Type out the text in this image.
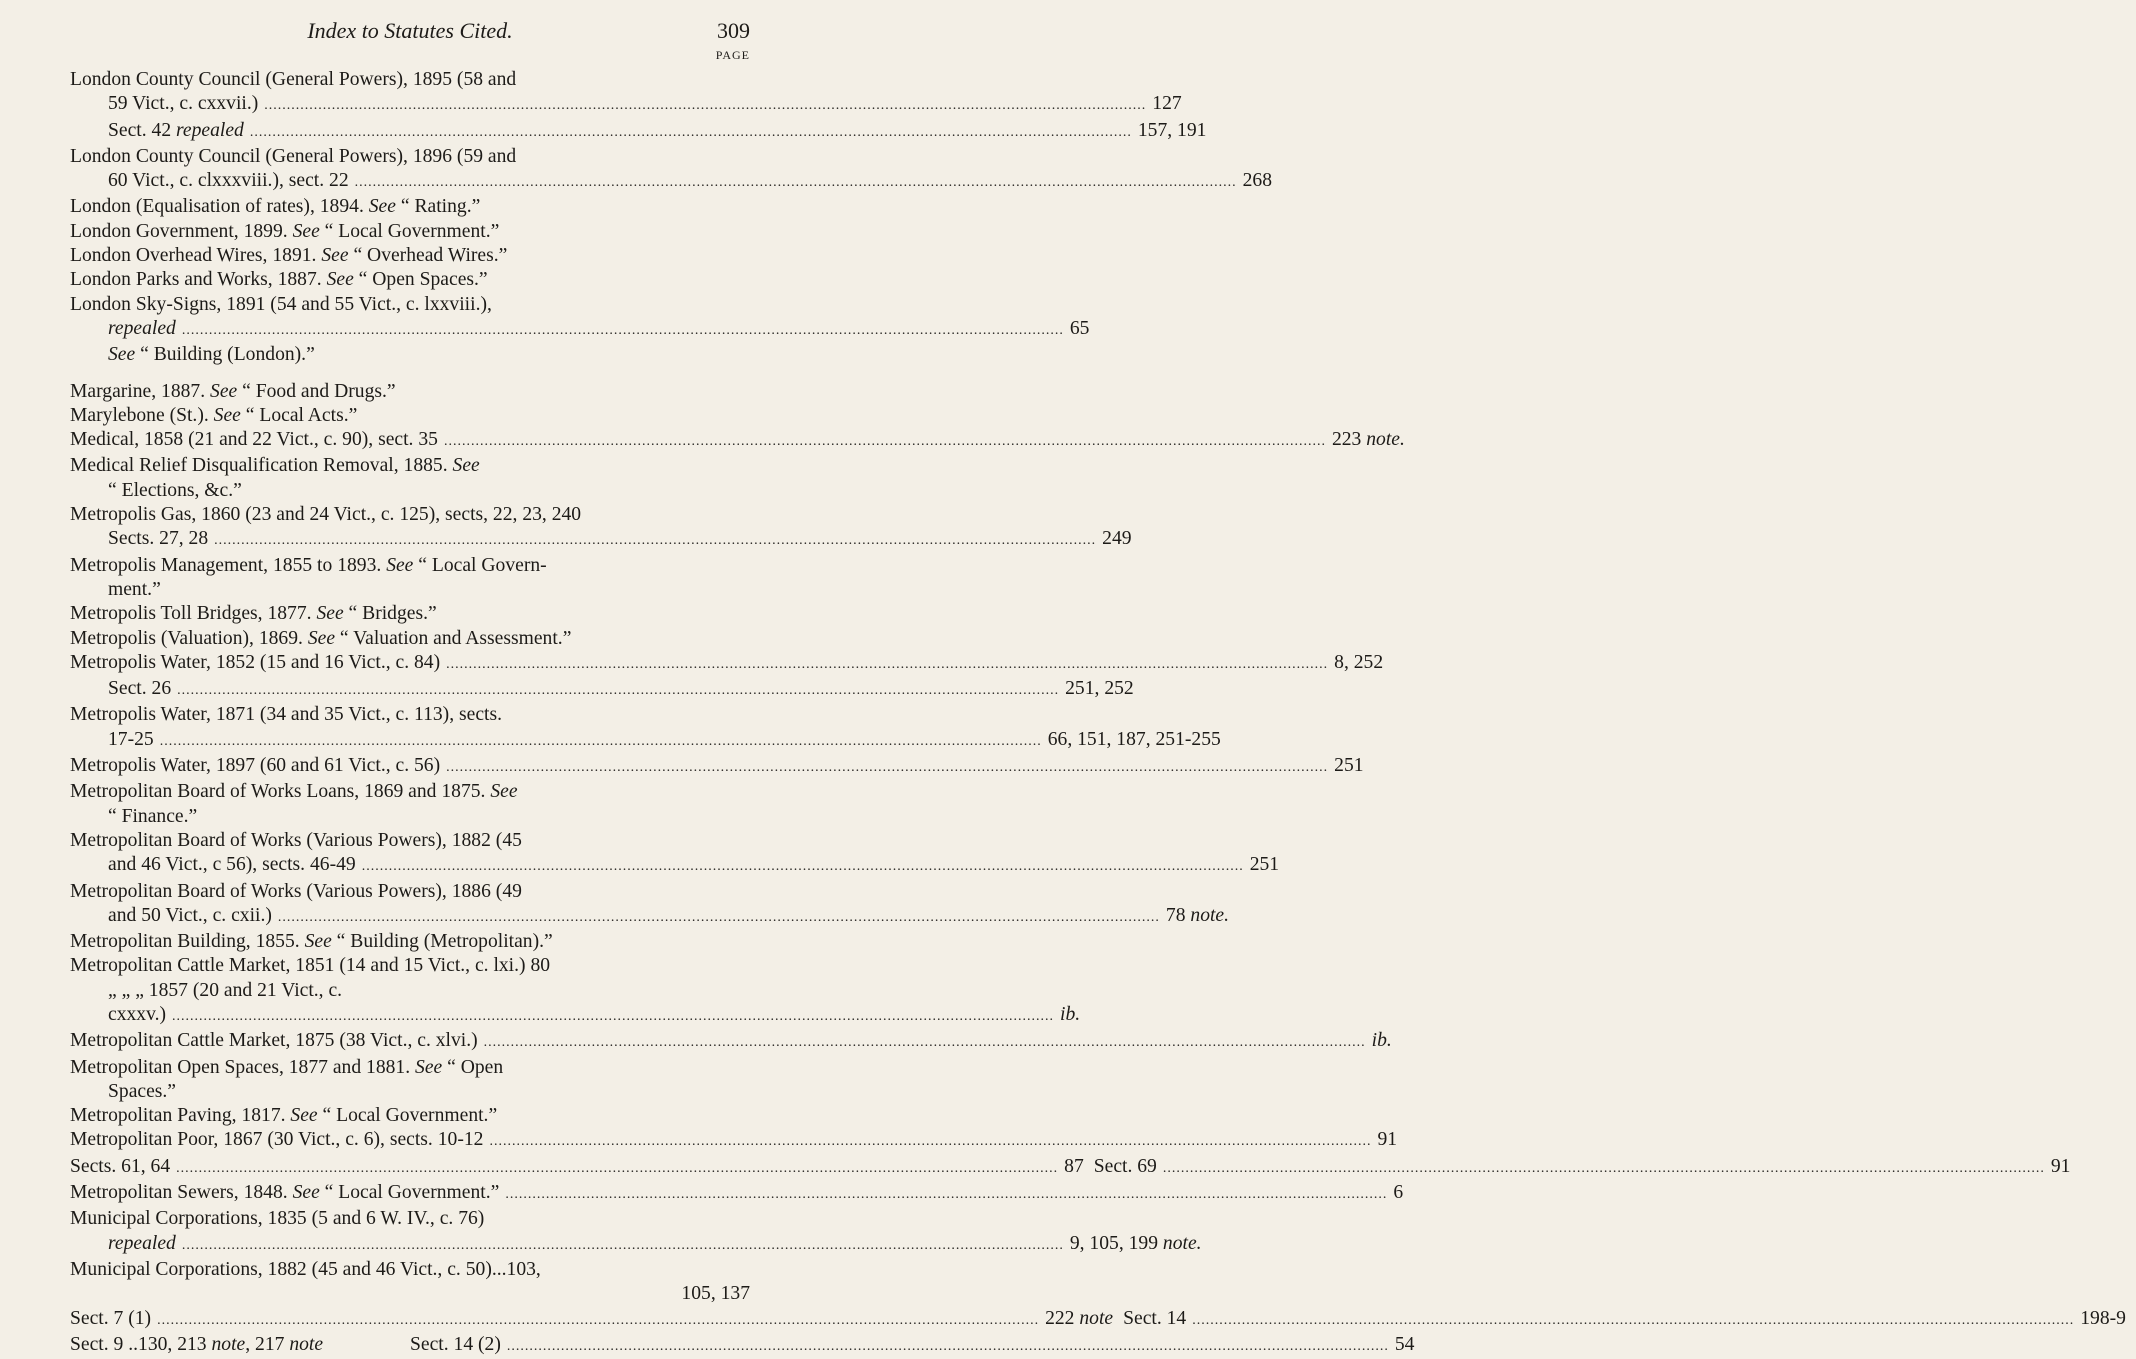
Index to Statutes Cited.	309
PAGE
London County Council (General Powers), 1895 (58 and
59 Vict., c. cxxvii.) .....	127
Sect. 42 repealed .....	157, 191
London County Council (General Powers), 1896 (59 and
60 Vict., c. clxxxviii.), sect. 22 .....	268
London (Equalisation of rates), 1894. See “ Rating.”
London Government, 1899. See “ Local Government.”
London Overhead Wires, 1891. See “ Overhead Wires.”
London Parks and Works, 1887. See “ Open Spaces.”
London Sky-Signs, 1891 (54 and 55 Vict., c. lxxviii.),
repealed .....	65
See “ Building (London).”
Margarine, 1887. See “ Food and Drugs.”
Marylebone (St.). See “ Local Acts.”
Medical, 1858 (21 and 22 Vict., c. 90), sect. 35 .....	223 note.
Medical Relief Disqualification Removal, 1885. See
“ Elections, &c.”
Metropolis Gas, 1860 (23 and 24 Vict., c. 125), sects, 22, 23, 240
Sects. 27, 28 .....	249
Metropolis Management, 1855 to 1893. See “ Local Govern-
ment.”
Metropolis Toll Bridges, 1877. See “ Bridges.”
Metropolis (Valuation), 1869. See “ Valuation and Assessment.”
Metropolis Water, 1852 (15 and 16 Vict., c. 84) .....	8, 252
Sect. 26 .....	251, 252
Metropolis Water, 1871 (34 and 35 Vict., c. 113), sects.
17-25 .....	66, 151, 187, 251-255
Metropolis Water, 1897 (60 and 61 Vict., c. 56) .....	251
Metropolitan Board of Works Loans, 1869 and 1875. See
“ Finance.”
Metropolitan Board of Works (Various Powers), 1882 (45
and 46 Vict., c 56), sects. 46-49 .....	251
Metropolitan Board of Works (Various Powers), 1886 (49
and 50 Vict., c. cxii.) .....	78 note.
Metropolitan Building, 1855. See “ Building (Metropolitan).”
Metropolitan Cattle Market, 1851 (14 and 15 Vict., c. lxi.) 80
„ „ „ 1857 (20 and 21 Vict., c.
cxxxv.) .....	ib.
Metropolitan Cattle Market, 1875 (38 Vict., c. xlvi.) .....	ib.
Metropolitan Open Spaces, 1877 and 1881. See “ Open
Spaces.”
Metropolitan Paving, 1817. See “ Local Government.”
Metropolitan Poor, 1867 (30 Vict., c. 6), sects. 10-12 .....	91
Sects. 61, 64 .....	87 Sect. 69 .....	91
Metropolitan Sewers, 1848. See “ Local Government.” .....	6
Municipal Corporations, 1835 (5 and 6 W. IV., c. 76)
repealed .....	9, 105, 199 note.
Municipal Corporations, 1882 (45 and 46 Vict., c. 50)...103,
105, 137
Sect. 7 (1) .....	222 note Sect. 14 .....	198-9
Sect. 9 ..130, 213 note, 217 note	Sect. 14 (2) .....	54
